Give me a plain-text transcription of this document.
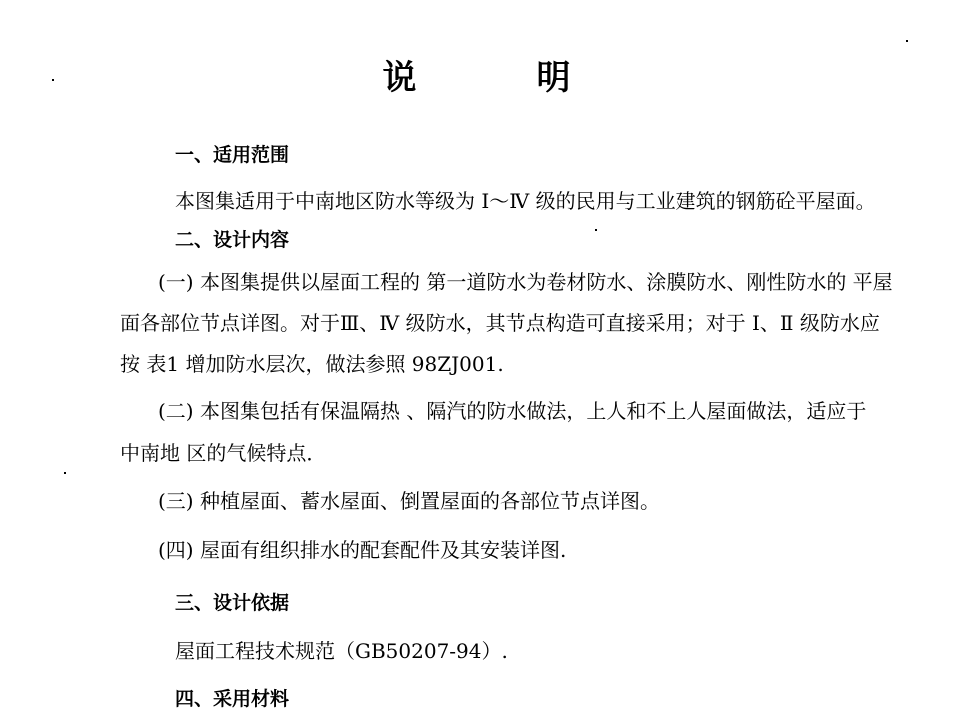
说	明
一、适用范围
本图集适用于中南地区防水等级为 Ⅰ～Ⅳ 级的民用与工业建筑的钢筋砼平屋面。
二、设计内容
(一) 本图集提供以屋面工程的 第一道防水为卷材防水、涂膜防水、刚性防水的 平屋
面各部位节点详图。对于Ⅲ、Ⅳ 级防水，其节点构造可直接采用；对于 Ⅰ、Ⅱ 级防水应
按 表1 增加防水层次，做法参照 98ZJ001.
(二) 本图集包括有保温隔热 、隔汽的防水做法，上人和不上人屋面做法，适应于
中南地 区的气候特点．
(三) 种植屋面、蓄水屋面、倒置屋面的各部位节点详图。
(四) 屋面有组织排水的配套配件及其安装详图.
三、设计依据
屋面工程技术规范（GB50207-94）.
四、采用材料
